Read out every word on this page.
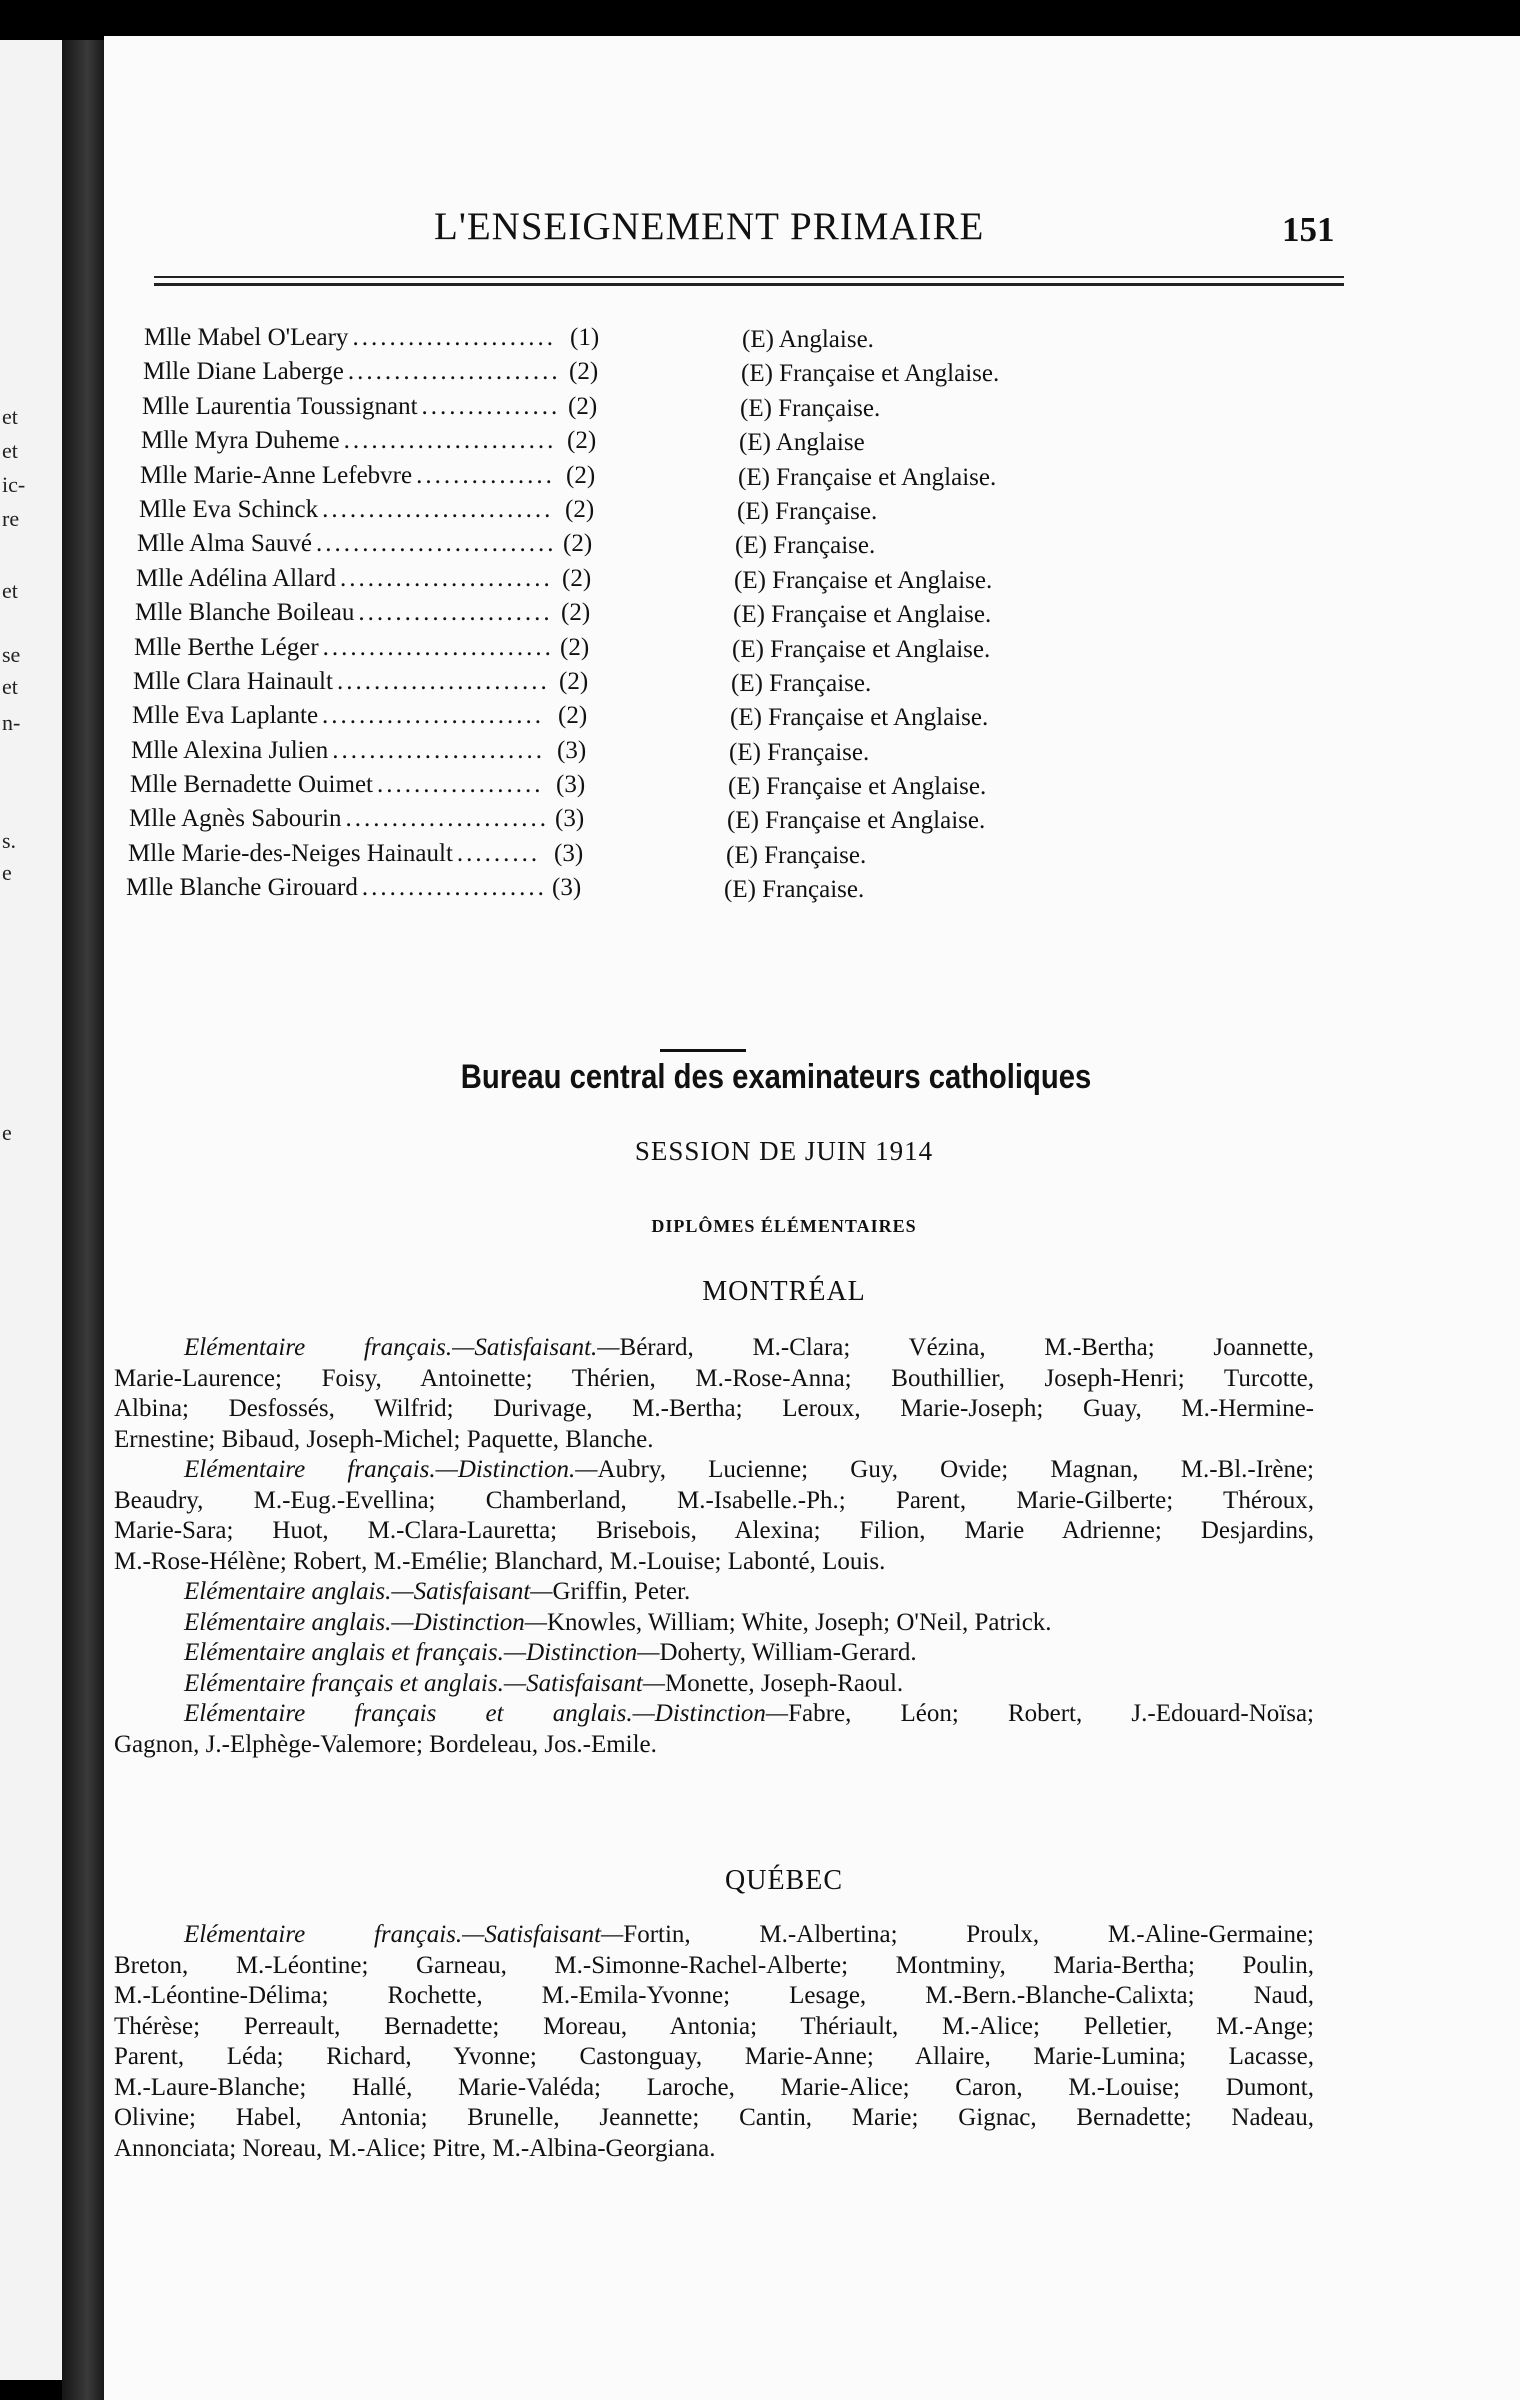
et
et
ic-
re
et
se
et
n-
s.
e
e
L'ENSEIGNEMENT PRIMAIRE	151
Mlle Mabel O'Leary ...................... (1)	(E) Anglaise.
Mlle Diane Laberge ....................... (2)	(E) Française et Anglaise.
Mlle Laurentia Toussignant ............... (2)	(E) Française.
Mlle Myra Duheme ....................... (2)	(E) Anglaise
Mlle Marie-Anne Lefebvre ............... (2)	(E) Française et Anglaise.
Mlle Eva Schinck ......................... (2)	(E) Française.
Mlle Alma Sauvé .......................... (2)	(E) Française.
Mlle Adélina Allard ....................... (2)	(E) Française et Anglaise.
Mlle Blanche Boileau ..................... (2)	(E) Française et Anglaise.
Mlle Berthe Léger ......................... (2)	(E) Française et Anglaise.
Mlle Clara Hainault ....................... (2)	(E) Française.
Mlle Eva Laplante ........................ (2)	(E) Française et Anglaise.
Mlle Alexina Julien ....................... (3)	(E) Française.
Mlle Bernadette Ouimet .................. (3)	(E) Française et Anglaise.
Mlle Agnès Sabourin ...................... (3)	(E) Française et Anglaise.
Mlle Marie-des-Neiges Hainault ......... (3)	(E) Française.
Mlle Blanche Girouard .................... (3)	(E) Française.
Bureau central des examinateurs catholiques
SESSION DE JUIN 1914
DIPLÔMES ÉLÉMENTAIRES
MONTRÉAL
Elémentaire français.—Satisfaisant.—Bérard, M.-Clara; Vézina, M.-Bertha; Joannette,
Marie-Laurence; Foisy, Antoinette; Thérien, M.-Rose-Anna; Bouthillier, Joseph-Henri; Turcotte,
Albina; Desfossés, Wilfrid; Durivage, M.-Bertha; Leroux, Marie-Joseph; Guay, M.-Hermine-
Ernestine; Bibaud, Joseph-Michel; Paquette, Blanche.
Elémentaire français.—Distinction.—Aubry, Lucienne; Guy, Ovide; Magnan, M.-Bl.-Irène;
Beaudry, M.-Eug.-Evellina; Chamberland, M.-Isabelle.-Ph.; Parent, Marie-Gilberte; Théroux,
Marie-Sara; Huot, M.-Clara-Lauretta; Brisebois, Alexina; Filion, Marie Adrienne; Desjardins,
M.-Rose-Hélène; Robert, M.-Emélie; Blanchard, M.-Louise; Labonté, Louis.
Elémentaire anglais.—Satisfaisant—Griffin, Peter.
Elémentaire anglais.—Distinction—Knowles, William; White, Joseph; O'Neil, Patrick.
Elémentaire anglais et français.—Distinction—Doherty, William-Gerard.
Elémentaire français et anglais.—Satisfaisant—Monette, Joseph-Raoul.
Elémentaire français et anglais.—Distinction—Fabre, Léon; Robert, J.-Edouard-Noïsa;
Gagnon, J.-Elphège-Valemore; Bordeleau, Jos.-Emile.
QUÉBEC
Elémentaire français.—Satisfaisant—Fortin, M.-Albertina; Proulx, M.-Aline-Germaine;
Breton, M.-Léontine; Garneau, M.-Simonne-Rachel-Alberte; Montminy, Maria-Bertha; Poulin,
M.-Léontine-Délima; Rochette, M.-Emila-Yvonne; Lesage, M.-Bern.-Blanche-Calixta; Naud,
Thérèse; Perreault, Bernadette; Moreau, Antonia; Thériault, M.-Alice; Pelletier, M.-Ange;
Parent, Léda; Richard, Yvonne; Castonguay, Marie-Anne; Allaire, Marie-Lumina; Lacasse,
M.-Laure-Blanche; Hallé, Marie-Valéda; Laroche, Marie-Alice; Caron, M.-Louise; Dumont,
Olivine; Habel, Antonia; Brunelle, Jeannette; Cantin, Marie; Gignac, Bernadette; Nadeau,
Annonciata; Noreau, M.-Alice; Pitre, M.-Albina-Georgiana.
